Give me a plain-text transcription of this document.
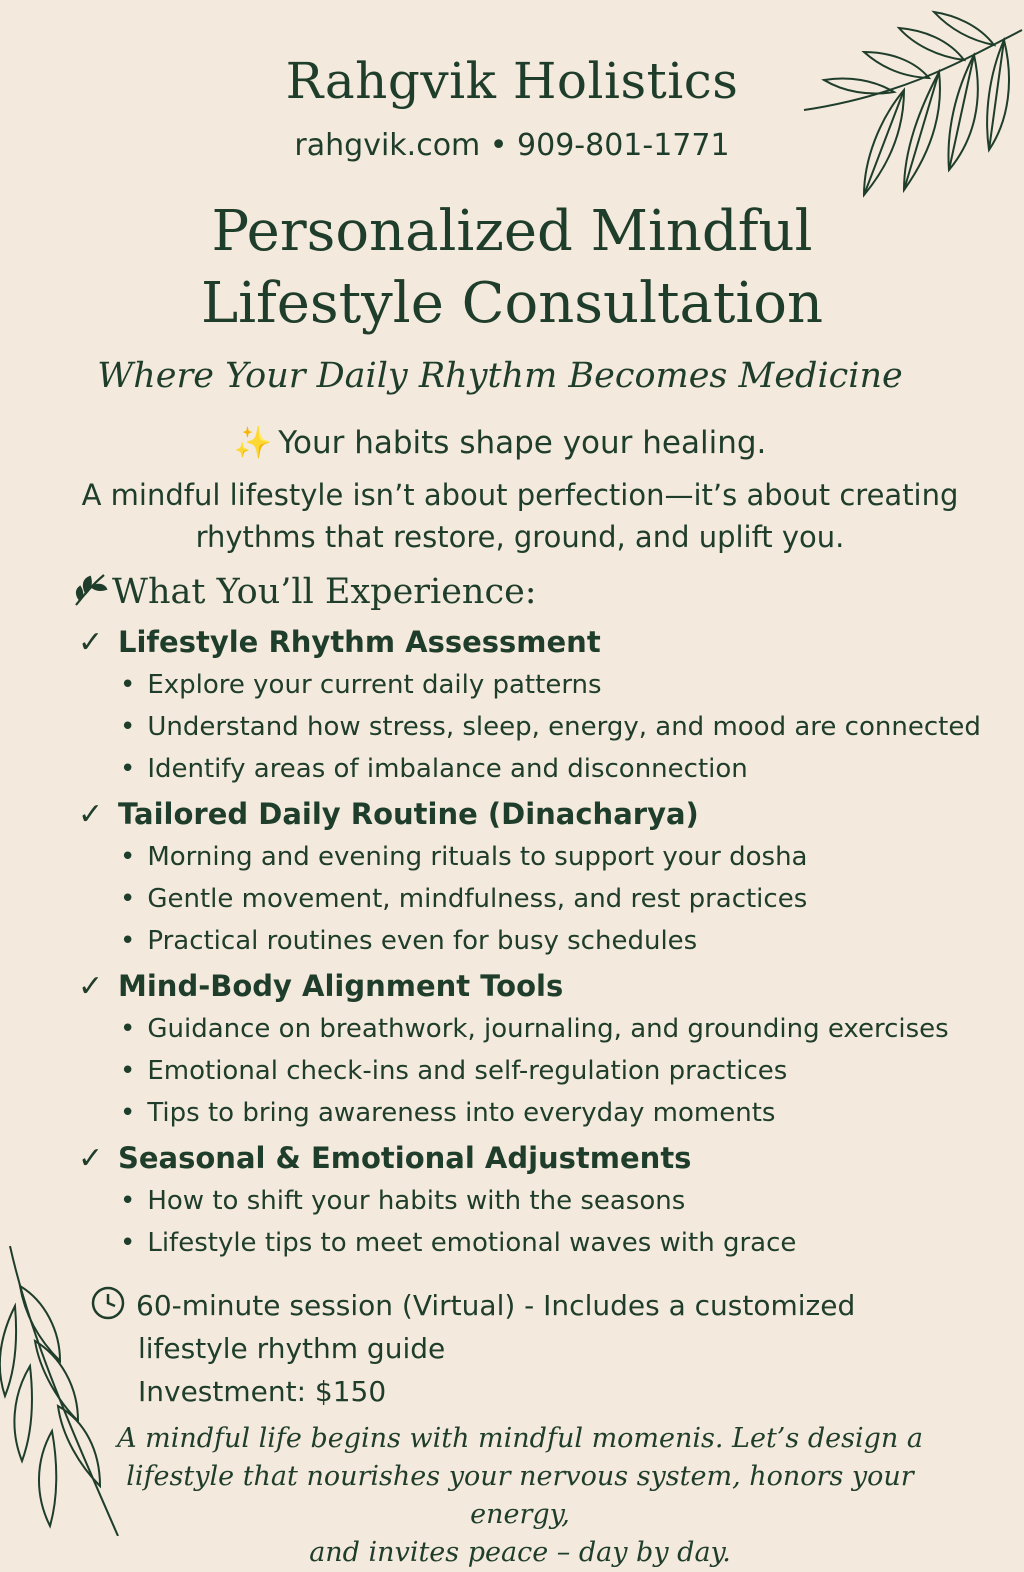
Rahgvik Holistics
rahgvik.com • 909-801-1771
Personalized Mindful
Lifestyle Consultation
Where Your Daily Rhythm Becomes Medicine
✨ Your habits shape your healing.
A mindful lifestyle isn’t about perfection—it’s about creating
rhythms that restore, ground, and uplift you.
What You’ll Experience:
✓ Lifestyle Rhythm Assessment
• Explore your current daily patterns
• Understand how stress, sleep, energy, and mood are connected
• Identify areas of imbalance and disconnection
✓ Tailored Daily Routine (Dinacharya)
• Morning and evening rituals to support your dosha
• Gentle movement, mindfulness, and rest practices
• Practical routines even for busy schedules
✓ Mind-Body Alignment Tools
• Guidance on breathwork, journaling, and grounding exercises
• Emotional check-ins and self-regulation practices
• Tips to bring awareness into everyday moments
✓ Seasonal & Emotional Adjustments
• How to shift your habits with the seasons
• Lifestyle tips to meet emotional waves with grace
60-minute session (Virtual) - Includes a customized
lifestyle rhythm guide
Investment: $150
A mindful life begins with mindful momenis. Let’s design a
lifestyle that nourishes your nervous system, honors your energy,
and invites peace – day by day.
